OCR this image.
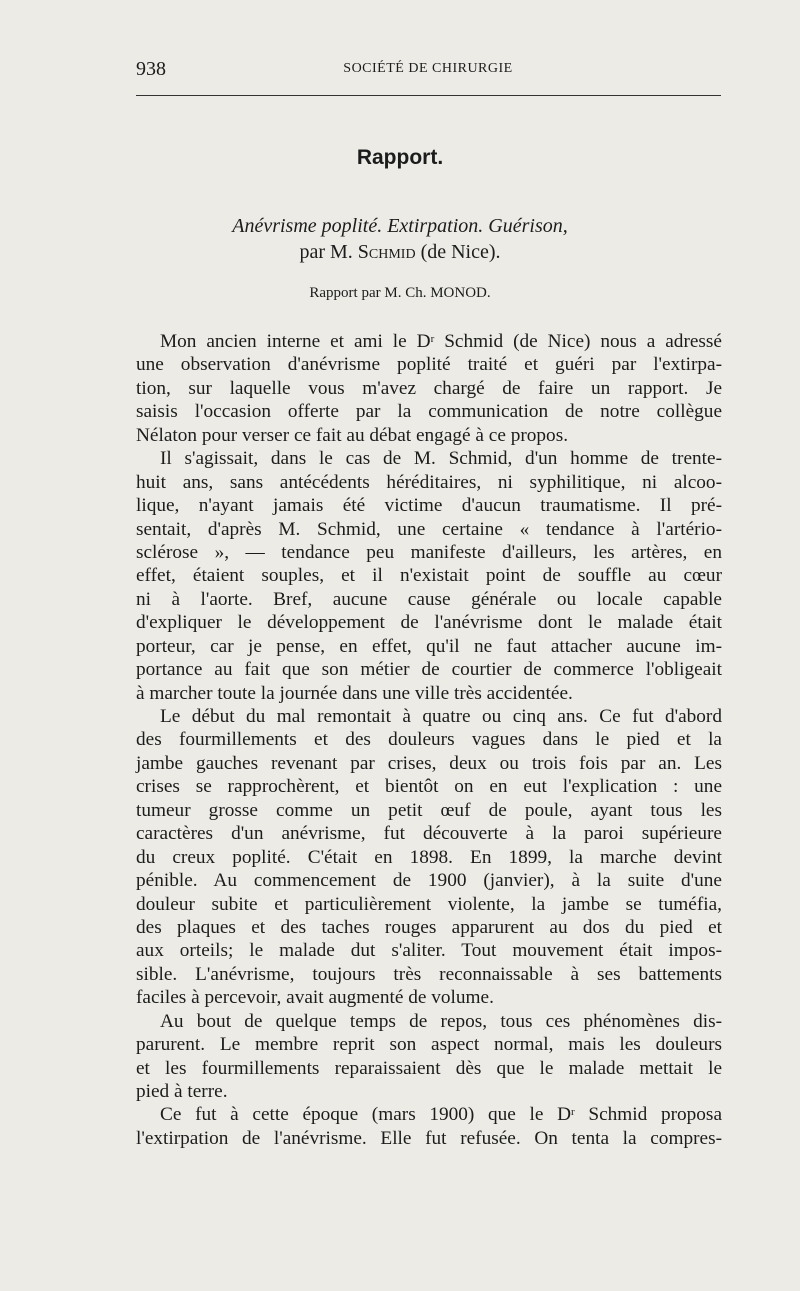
938	SOCIÉTÉ DE CHIRURGIE
Rapport.
Anévrisme poplité. Extirpation. Guérison,
par M. Schmid (de Nice).
Rapport par M. Ch. MONOD.
Mon ancien interne et ami le $D^r$ Schmid (de Nice) nous a adressé
une observation d'anévrisme poplité traité et guéri par l'extirpa-
tion, sur laquelle vous m'avez chargé de faire un rapport. Je
saisis l'occasion offerte par la communication de notre collègue
Nélaton pour verser ce fait au débat engagé à ce propos.
Il s'agissait, dans le cas de M. Schmid, d'un homme de trente-
huit ans, sans antécédents héréditaires, ni syphilitique, ni alcoo-
lique, n'ayant jamais été victime d'aucun traumatisme. Il pré-
sentait, d'après M. Schmid, une certaine « tendance à l'artério-
sclérose », — tendance peu manifeste d'ailleurs, les artères, en
effet, étaient souples, et il n'existait point de souffle au cœur
ni à l'aorte. Bref, aucune cause générale ou locale capable
d'expliquer le développement de l'anévrisme dont le malade était
porteur, car je pense, en effet, qu'il ne faut attacher aucune im-
portance au fait que son métier de courtier de commerce l'obligeait
à marcher toute la journée dans une ville très accidentée.
Le début du mal remontait à quatre ou cinq ans. Ce fut d'abord
des fourmillements et des douleurs vagues dans le pied et la
jambe gauches revenant par crises, deux ou trois fois par an. Les
crises se rapprochèrent, et bientôt on en eut l'explication : une
tumeur grosse comme un petit œuf de poule, ayant tous les
caractères d'un anévrisme, fut découverte à la paroi supérieure
du creux poplité. C'était en 1898. En 1899, la marche devint
pénible. Au commencement de 1900 (janvier), à la suite d'une
douleur subite et particulièrement violente, la jambe se tuméfia,
des plaques et des taches rouges apparurent au dos du pied et
aux orteils; le malade dut s'aliter. Tout mouvement était impos-
sible. L'anévrisme, toujours très reconnaissable à ses battements
faciles à percevoir, avait augmenté de volume.
Au bout de quelque temps de repos, tous ces phénomènes dis-
parurent. Le membre reprit son aspect normal, mais les douleurs
et les fourmillements reparaissaient dès que le malade mettait le
pied à terre.
Ce fut à cette époque (mars 1900) que le $D^r$ Schmid proposa
l'extirpation de l'anévrisme. Elle fut refusée. On tenta la compres-
